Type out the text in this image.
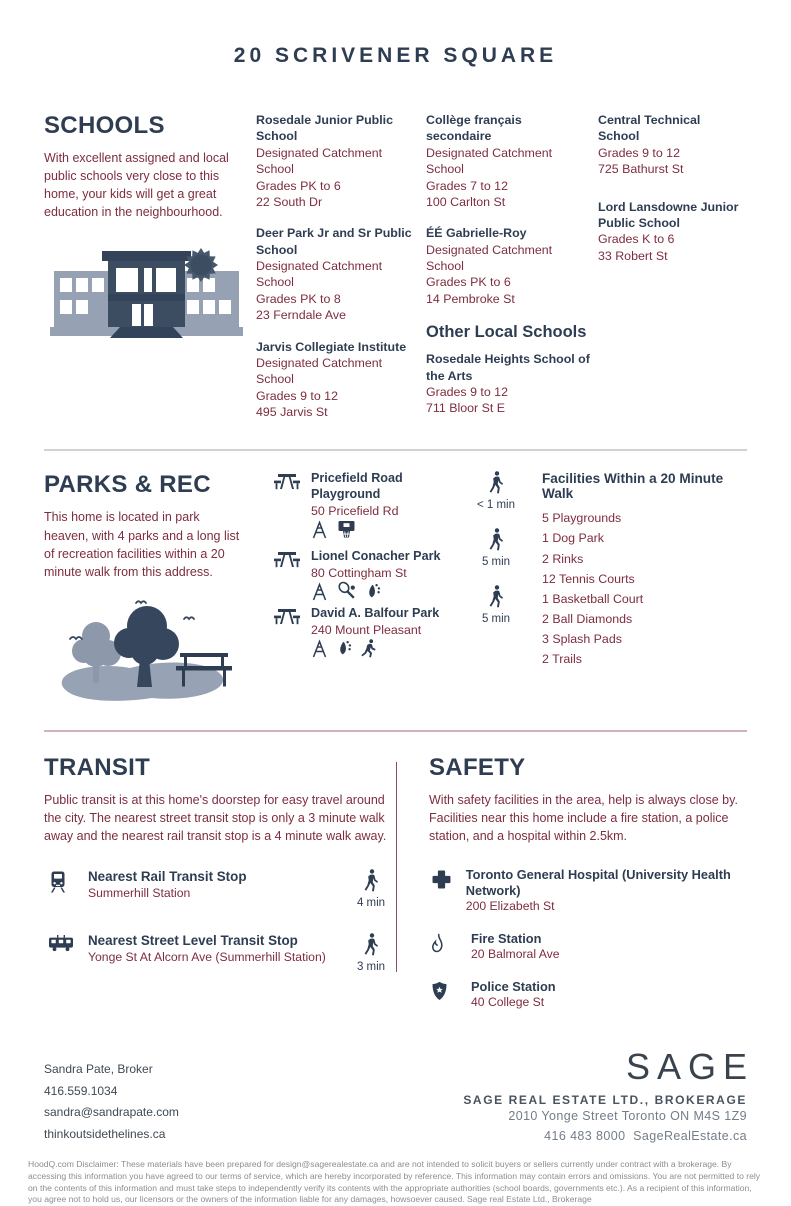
20 SCRIVENER SQUARE
SCHOOLS

With excellent assigned and local public schools very close to this home, your kids will get a great education in the neighbourhood.

Rosedale Junior Public School
Designated Catchment School
Grades PK to 6
22 South Dr
Deer Park Jr and Sr Public School
Designated Catchment School
Grades PK to 8
23 Ferndale Ave
Jarvis Collegiate Institute
Designated Catchment School
Grades 9 to 12
495 Jarvis St
Collège français secondaire
Designated Catchment School
Grades 7 to 12
100 Carlton St
ÉÉ Gabrielle-Roy
Designated Catchment School
Grades PK to 6
14 Pembroke St
Other Local Schools
Rosedale Heights School of the Arts
Grades 9 to 12
711 Bloor St E
Central Technical School
Grades 9 to 12
725 Bathurst St
Lord Lansdowne Junior Public School
Grades K to 6
33 Robert St
PARKS & REC

This home is located in park heaven, with 4 parks and a long list of recreation facilities within a 20 minute walk from this address.

Pricefield Road Playground
50 Pricefield Rd
Lionel Conacher Park
80 Cottingham St
David A. Balfour Park
240 Mount Pleasant
< 1 min
5 min
5 min
Facilities Within a 20 Minute Walk
5 Playgrounds
1 Dog Park
2 Rinks
12 Tennis Courts
1 Basketball Court
2 Ball Diamonds
3 Splash Pads
2 Trails
TRANSIT

Public transit is at this home's doorstep for easy travel around the city. The nearest street transit stop is only a 3 minute walk away and the nearest rail transit stop is a 4 minute walk away.

Nearest Rail Transit Stop
Summerhill Station
4 min
Nearest Street Level Transit Stop
Yonge St At Alcorn Ave (Summerhill Station)
3 min
SAFETY

With safety facilities in the area, help is always close by. Facilities near this home include a fire station, a police station, and a hospital within 2.5km.

Toronto General Hospital (University Health Network)
200 Elizabeth St
Fire Station
20 Balmoral Ave
Police Station
40 College St
Sandra Pate, Broker
416.559.1034
sandra@sandrapate.com
thinkoutsidethelines.ca
SAGE
SAGE REAL ESTATE LTD., BROKERAGE
2010 Yonge Street Toronto ON M4S 1Z9
416 483 8000 SageRealEstate.ca
HoodQ.com Disclaimer: These materials have been prepared for design@sagerealestate.ca and are not intended to solicit buyers or sellers currently under contract with a brokerage. By accessing this information you have agreed to our terms of service, which are hereby incorporated by reference. This information may contain errors and omissions. You are not permitted to rely on the contents of this information and must take steps to independently verify its contents with the appropriate authorities (school boards, governments etc.). As a recipient of this information, you agree not to hold us, our licensors or the owners of the information liable for any damages, howsoever caused. Sage real Estate Ltd., Brokerage
